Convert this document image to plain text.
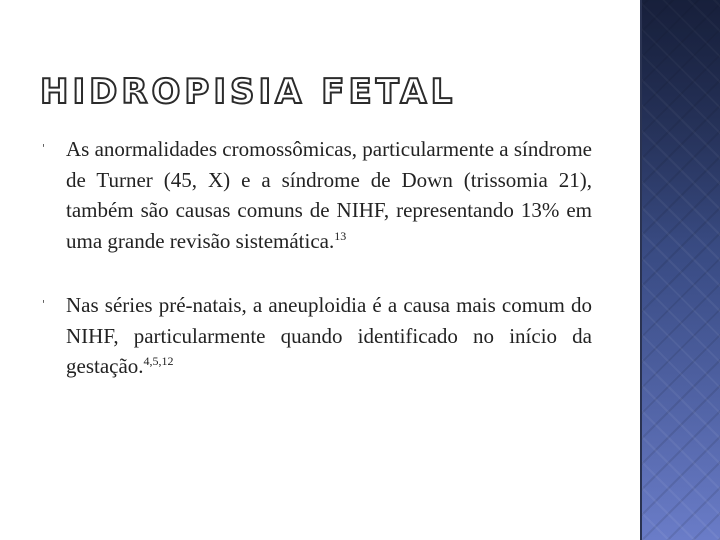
HIDROPISIA FETAL
' As anormalidades cromossômicas, particularmente a síndrome de Turner (45, X) e a síndrome de Down (trissomia 21), também são causas comuns de NIHF, representando 13% em uma grande revisão sistemática.$^{13}$
' Nas séries pré-natais, a aneuploidia é a causa mais comum do NIHF, particularmente quando identificado no início da gestação.$^{4,5,12}$
